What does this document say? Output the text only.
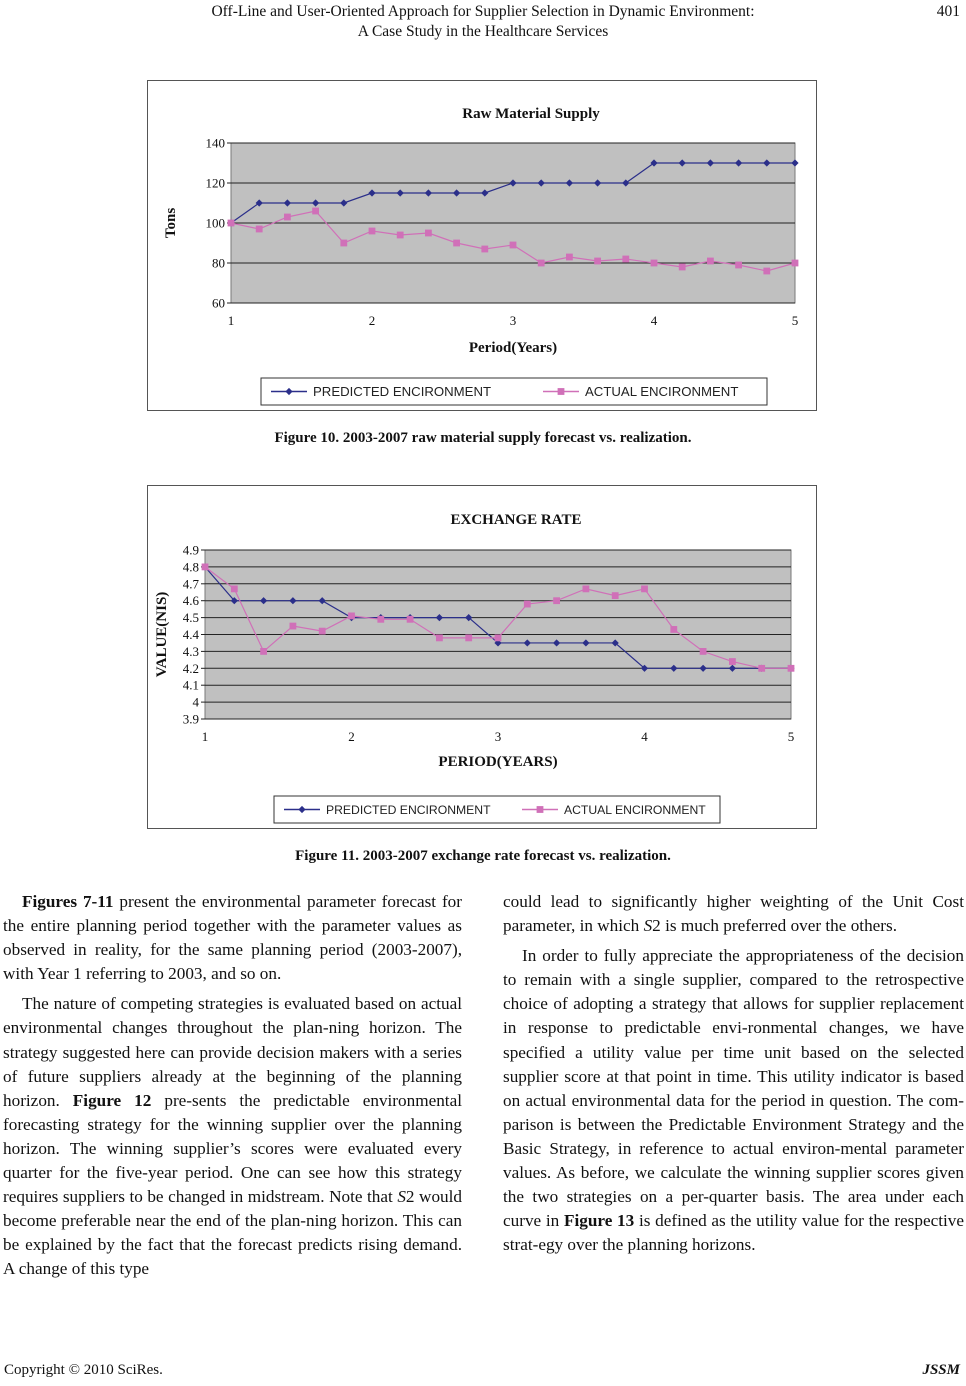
Off-Line and User-Oriented Approach for Supplier Selection in Dynamic Environment:
A Case Study in the Healthcare Services
401
60
80
100
120
140
1	2	3	4	5
Raw Material Supply
Period(Years)
Tons
PREDICTED ENCIRONMENT	ACTUAL ENCIRONMENT
Figure 10. 2003-2007 raw material supply forecast vs. realization.
3.9
4
4.1
4.2
4.3
4.4
4.5
4.6
4.7
4.8
4.9
1	2	3	4	5
EXCHANGE RATE
PERIOD(YEARS)
VALUE(NIS)
PREDICTED ENCIRONMENT	ACTUAL ENCIRONMENT
Figure 11. 2003-2007 exchange rate forecast vs. realization.

Figures 7-11 present the environmental parameter forecast for the entire planning period together with the parameter values as observed in reality, for the same planning period (2003-2007), with Year 1 referring to 2003, and so on.

The nature of competing strategies is evaluated based on actual environmental changes throughout the plan-ning horizon. The strategy suggested here can provide decision makers with a series of future suppliers already at the beginning of the planning horizon. Figure 12 pre-sents the predictable environmental forecasting strategy for the winning supplier over the planning horizon. The winning supplier’s scores were evaluated every quarter for the five-year period. One can see how this strategy requires suppliers to be changed in midstream. Note that S2 would become preferable near the end of the plan-ning horizon. This can be explained by the fact that the forecast predicts rising demand. A change of this type

could lead to significantly higher weighting of the Unit Cost parameter, in which S2 is much preferred over the others.

In order to fully appreciate the appropriateness of the decision to remain with a single supplier, compared to the retrospective choice of adopting a strategy that allows for supplier replacement in response to predictable envi-ronmental changes, we have specified a utility value per time unit based on the selected supplier score at that point in time. This utility indicator is based on actual environmental data for the period in question. The com-parison is between the Predictable Environment Strategy and the Basic Strategy, in reference to actual environ-mental parameter values. As before, we calculate the winning supplier scores given the two strategies on a per-quarter basis. The area under each curve in Figure 13 is defined as the utility value for the respective strat-egy over the planning horizons.

Copyright © 2010 SciRes.	JSSM
